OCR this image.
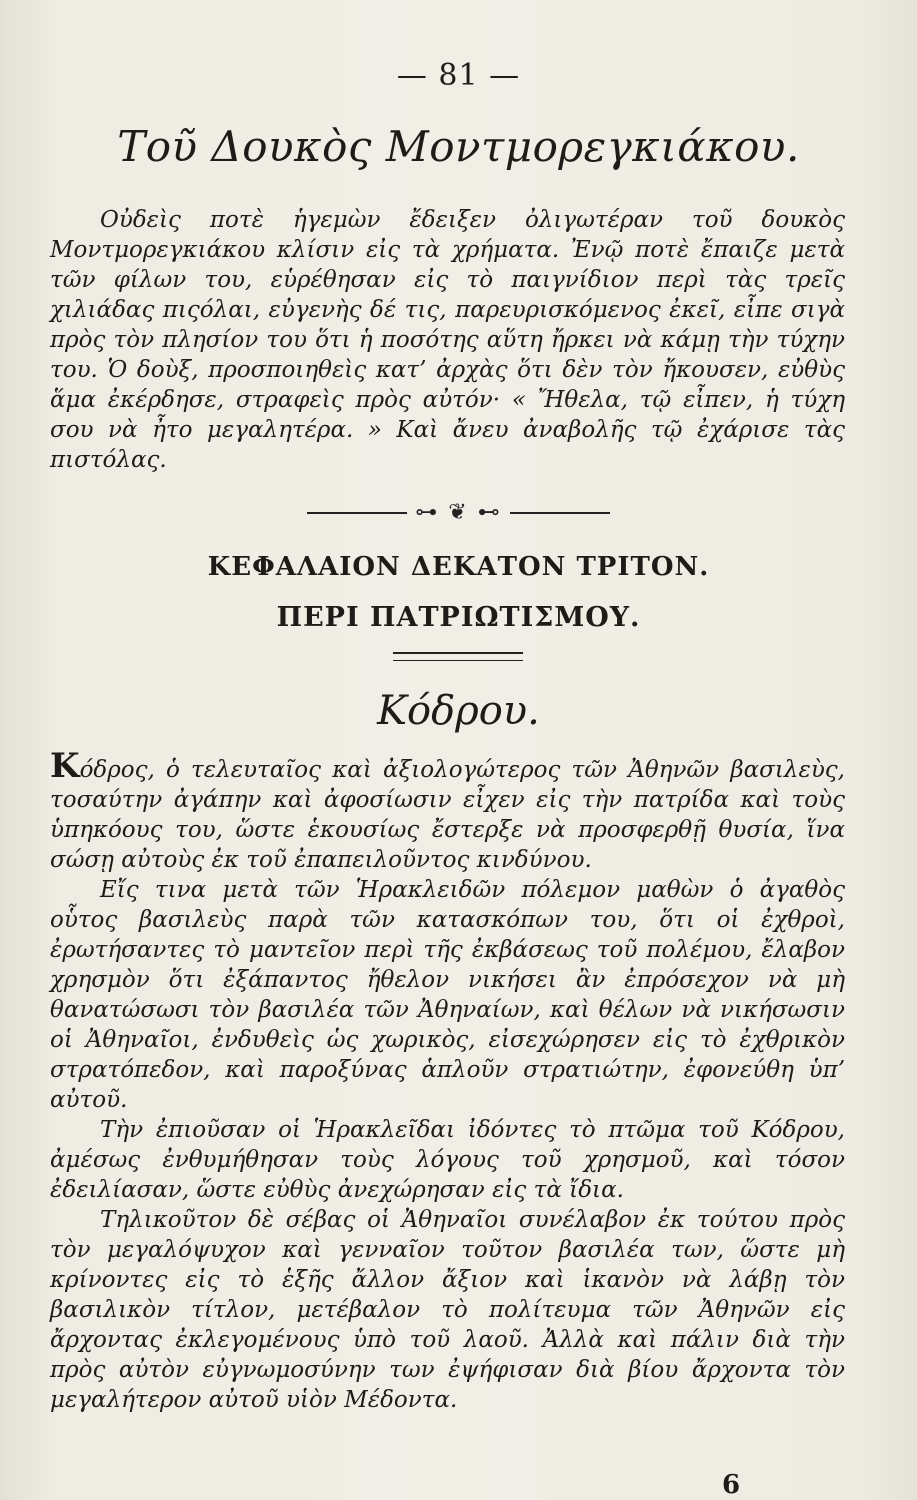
— 81 —
Τοῦ Δουκὸς Μοντμορεγκιάκου.

Οὐδεὶς ποτὲ ἡγεμὼν ἔδειξεν ὀλιγωτέραν τοῦ δουκὸς Μοντμορεγκιάκου κλίσιν εἰς τὰ χρήματα. Ἐνῷ ποτὲ ἔπαιζε μετὰ τῶν φίλων του, εὑρέθησαν εἰς τὸ παιγνίδιον περὶ τὰς τρεῖς χιλιάδας πιςόλαι, εὐγενὴς δέ τις, παρευρισκόμενος ἐκεῖ, εἶπε σιγὰ πρὸς τὸν πλησίον του ὅτι ἡ ποσότης αὕτη ἤρκει νὰ κάμῃ τὴν τύχην του. Ὁ δοὺξ, προσποιηθεὶς κατ’ ἀρχὰς ὅτι δὲν τὸν ἤκουσεν, εὐθὺς ἅμα ἐκέρδησε, στραφεὶς πρὸς αὐτόν· « Ἤθελα, τῷ εἶπεν, ἡ τύχη σου νὰ ἦτο μεγαλητέρα. » Καὶ ἄνευ ἀναβολῆς τῷ ἐχάρισε τὰς πιστόλας.

⊶ ❦ ⊷
ΚΕΦΑΛΑΙΟΝ ΔΕΚΑΤΟΝ ΤΡΙΤΟΝ.
ΠΕΡΙ ΠΑΤΡΙΩΤΙΣΜΟΥ.
Κόδρου.

Κόδρος, ὁ τελευταῖος καὶ ἀξιολογώτερος τῶν Ἀθηνῶν βασιλεὺς, τοσαύτην ἀγάπην καὶ ἀφοσίωσιν εἶχεν εἰς τὴν πατρίδα καὶ τοὺς ὑπηκόους του, ὥστε ἑκουσίως ἔστερξε νὰ προσφερθῇ θυσία, ἵνα σώσῃ αὐτοὺς ἐκ τοῦ ἐπαπειλοῦντος κινδύνου.

Εἴς τινα μετὰ τῶν Ἡρακλειδῶν πόλεμον μαθὼν ὁ ἀγαθὸς οὗτος βασιλεὺς παρὰ τῶν κατασκόπων του, ὅτι οἱ ἐχθροὶ, ἐρωτήσαντες τὸ μαντεῖον περὶ τῆς ἐκβάσεως τοῦ πολέμου, ἔλαβον χρησμὸν ὅτι ἐξάπαντος ἤθελον νικήσει ἂν ἐπρόσεχον νὰ μὴ θανατώσωσι τὸν βασιλέα τῶν Ἀθηναίων, καὶ θέλων νὰ νικήσωσιν οἱ Ἀθηναῖοι, ἐνδυθεὶς ὡς χωρικὸς, εἰσεχώρησεν εἰς τὸ ἐχθρικὸν στρατόπεδον, καὶ παροξύνας ἁπλοῦν στρατιώτην, ἐφονεύθη ὑπ’ αὐτοῦ.

Τὴν ἐπιοῦσαν οἱ Ἡρακλεῖδαι ἰδόντες τὸ πτῶμα τοῦ Κόδρου, ἀμέσως ἐνθυμήθησαν τοὺς λόγους τοῦ χρησμοῦ, καὶ τόσον ἐδειλίασαν, ὥστε εὐθὺς ἀνεχώρησαν εἰς τὰ ἴδια.

Τηλικοῦτον δὲ σέβας οἱ Ἀθηναῖοι συνέλαβον ἐκ τούτου πρὸς τὸν μεγαλόψυχον καὶ γενναῖον τοῦτον βασιλέα των, ὥστε μὴ κρίνοντες εἰς τὸ ἑξῆς ἄλλον ἄξιον καὶ ἱκανὸν νὰ λάβῃ τὸν βασιλικὸν τίτλον, μετέβαλον τὸ πολίτευμα τῶν Ἀθηνῶν εἰς ἄρχοντας ἐκλεγομένους ὑπὸ τοῦ λαοῦ. Ἀλλὰ καὶ πάλιν διὰ τὴν πρὸς αὐτὸν εὐγνωμοσύνην των ἐψήφισαν διὰ βίου ἄρχοντα τὸν μεγαλήτερον αὐτοῦ υἱὸν Μέδοντα.

6
